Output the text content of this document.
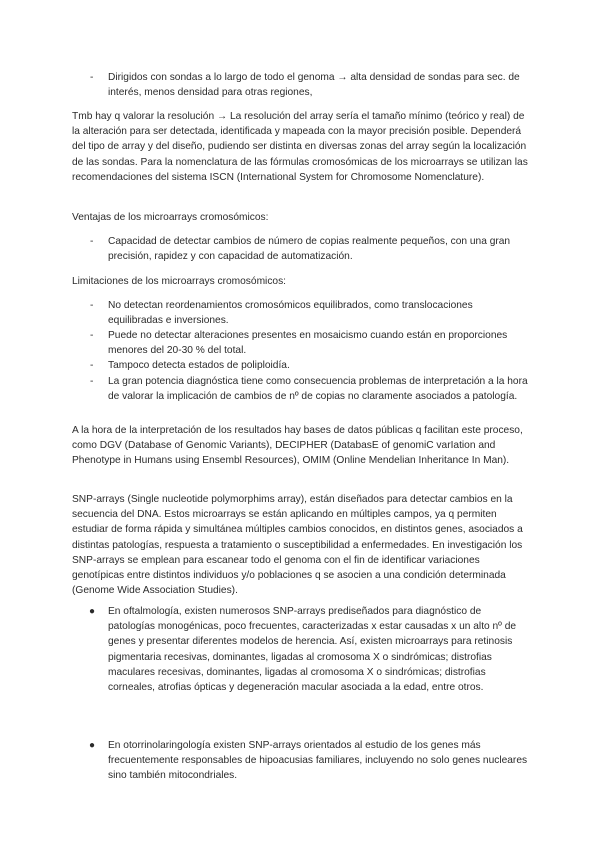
- Dirigidos con sondas a lo largo de todo el genoma → alta densidad de sondas para sec. de interés, menos densidad para otras regiones,

Tmb hay q valorar la resolución → La resolución del array sería el tamaño mínimo (teórico y real) de la alteración para ser detectada, identificada y mapeada con la mayor precisión posible. Dependerá del tipo de array y del diseño, pudiendo ser distinta en diversas zonas del array según la localización de las sondas. Para la nomenclatura de las fórmulas cromosómicas de los microarrays se utilizan las recomendaciones del sistema ISCN (International System for Chromosome Nomenclature).

Ventajas de los microarrays cromosómicos:

- Capacidad de detectar cambios de número de copias realmente pequeños, con una gran precisión, rapidez y con capacidad de automatización.

Limitaciones de los microarrays cromosómicos:

- No detectan reordenamientos cromosómicos equilibrados, como translocaciones equilibradas e inversiones.
- Puede no detectar alteraciones presentes en mosaicismo cuando están en proporciones menores del 20-30 % del total.
- Tampoco detecta estados de poliploidía.
- La gran potencia diagnóstica tiene como consecuencia problemas de interpretación a la hora de valorar la implicación de cambios de nº de copias no claramente asociados a patología.

A la hora de la interpretación de los resultados hay bases de datos públicas q facilitan este proceso, como DGV (Database of Genomic Variants), DECIPHER (DatabasE of genomiC varIation and Phenotype in Humans using Ensembl Resources), OMIM (Online Mendelian Inheritance In Man).

SNP-arrays (Single nucleotide polymorphims array), están diseñados para detectar cambios en la secuencia del DNA. Estos microarrays se están aplicando en múltiples campos, ya q permiten estudiar de forma rápida y simultánea múltiples cambios conocidos, en distintos genes, asociados a distintas patologías, respuesta a tratamiento o susceptibilidad a enfermedades. En investigación los SNP-arrays se emplean para escanear todo el genoma con el fin de identificar variaciones genotípicas entre distintos individuos y/o poblaciones q se asocien a una condición determinada (Genome Wide Association Studies).

● En oftalmología, existen numerosos SNP-arrays prediseñados para diagnóstico de patologías monogénicas, poco frecuentes, caracterizadas x estar causadas x un alto nº de genes y presentar diferentes modelos de herencia. Así, existen microarrays para retinosis pigmentaria recesivas, dominantes, ligadas al cromosoma X o sindrómicas; distrofias maculares recesivas, dominantes, ligadas al cromosoma X o sindrómicas; distrofias corneales, atrofias ópticas y degeneración macular asociada a la edad, entre otros.
● En otorrinolaringología existen SNP-arrays orientados al estudio de los genes más frecuentemente responsables de hipoacusias familiares, incluyendo no solo genes nucleares sino también mitocondriales.
